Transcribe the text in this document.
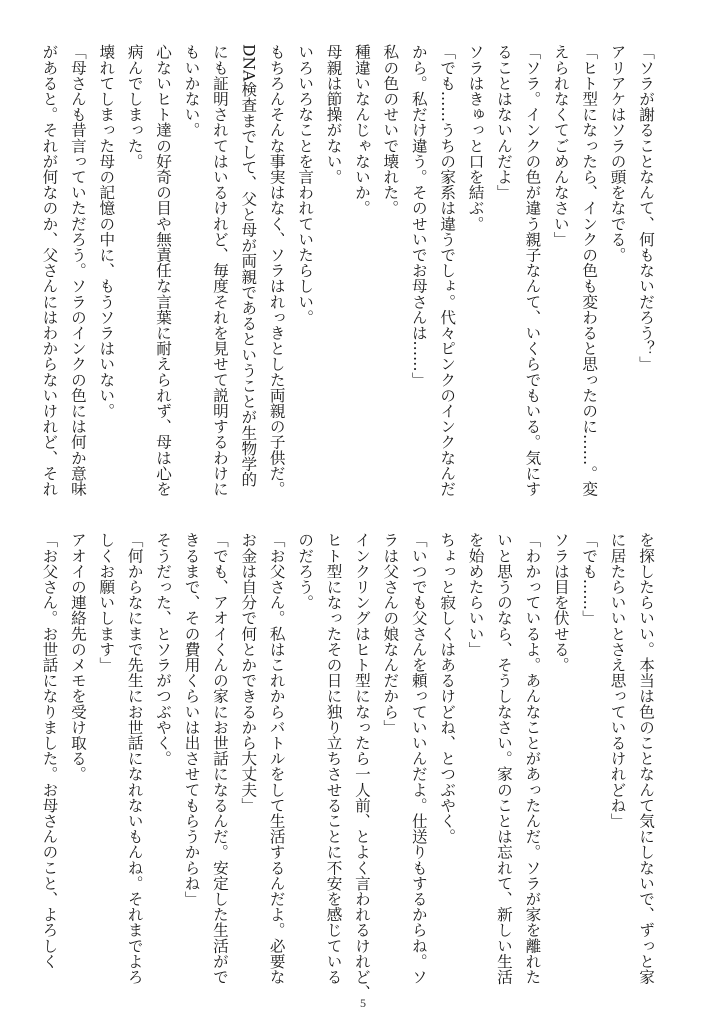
「ソラが謝ることなんて、何もないだろう？」
アリアケはソラの頭をなでる。
「ヒト型になったら、インクの色も変わると思ったのに……。変
えられなくてごめんなさい」
「ソラ。インクの色が違う親子なんて、いくらでもいる。気にす
ることはないんだよ」
ソラはきゅっと口を結ぶ。
「でも……うちの家系は違うでしょ。代々ピンクのインクなんだ
から。私だけ違う。そのせいでお母さんは……」
私の色のせいで壊れた。
種違いなんじゃないか。
母親は節操がない。
いろいろなことを言われていたらしい。
もちろんそんな事実はなく、ソラはれっきとした両親の子供だ。
DNA検査までして、父と母が両親であるということが生物学的
にも証明されてはいるけれど、毎度それを見せて説明するわけに
もいかない。
心ないヒト達の好奇の目や無責任な言葉に耐えられず、母は心を
病んでしまった。
壊れてしまった母の記憶の中に、もうソラはいない。
「母さんも昔言っていただろう。ソラのインクの色には何か意味
があると。それが何なのか、父さんにはわからないけれど、それ
を探したらいい。本当は色のことなんて気にしないで、ずっと家
に居たらいいとさえ思っているけれどね」
「でも……」
ソラは目を伏せる。
「わかっているよ。あんなことがあったんだ。ソラが家を離れた
いと思うのなら、そうしなさい。家のことは忘れて、新しい生活
を始めたらいい」
ちょっと寂しくはあるけどね、とつぶやく。
「いつでも父さんを頼っていいんだよ。仕送りもするからね。ソ
ラは父さんの娘なんだから」
インクリングはヒト型になったら一人前、とよく言われるけれど、
ヒト型になったその日に独り立ちさせることに不安を感じている
のだろう。
「お父さん。私はこれからバトルをして生活するんだよ。必要な
お金は自分で何とかできるから大丈夫」
「でも、アオイくんの家にお世話になるんだ。安定した生活がで
きるまで、その費用くらいは出させてもらうからね」
そうだった、とソラがつぶやく。
「何からなにまで先生にお世話になれないもんね。それまでよろ
しくお願いします」
アオイの連絡先のメモを受け取る。
「お父さん。お世話になりました。お母さんのこと、よろしく
5
